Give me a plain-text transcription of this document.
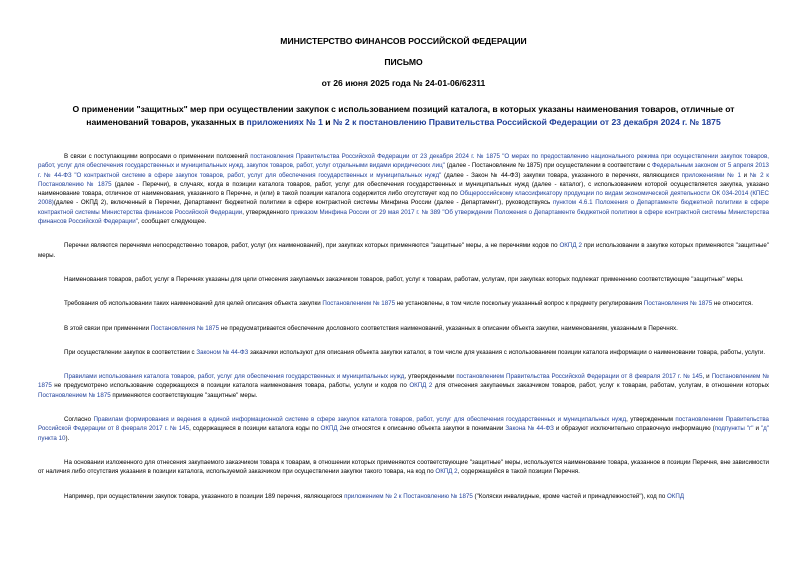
МИНИСТЕРСТВО ФИНАНСОВ РОССИЙСКОЙ ФЕДЕРАЦИИ
ПИСЬМО
от 26 июня 2025 года № 24-01-06/62311
О применении "защитных" мер при осуществлении закупок с использованием позиций каталога, в которых указаны наименования товаров, отличные от наименований товаров, указанных в приложениях № 1 и № 2 к постановлению Правительства Российской Федерации от 23 декабря 2024 г. № 1875

В связи с поступающими вопросами о применении положений постановления Правительства Российской Федерации от 23 декабря 2024 г. № 1875 "О мерах по предоставлению национального режима при осуществлении закупок товаров, работ, услуг для обеспечения государственных и муниципальных нужд, закупок товаров, работ, услуг отдельными видами юридических лиц" (далее - Постановление № 1875) при осуществлении в соответствии с Федеральным законом от 5 апреля 2013 г. № 44-ФЗ "О контрактной системе в сфере закупок товаров, работ, услуг для обеспечения государственных и муниципальных нужд" (далее - Закон № 44-ФЗ) закупки товара, указанного в перечнях, являющихся приложениями № 1 и № 2 к Постановлению № 1875 (далее - Перечни), в случаях, когда в позиции каталога товаров, работ, услуг для обеспечения государственных и муниципальных нужд (далее - каталог), с использованием которой осуществляется закупка, указано наименование товара, отличное от наименования, указанного в Перечне, и (или) в такой позиции каталога содержится либо отсутствует код по Общероссийскому классификатору продукции по видам экономической деятельности ОК 034-2014 (КПЕС 2008)(далее - ОКПД 2), включенный в Перечни, Департамент бюджетной политики в сфере контрактной системы Минфина России (далее - Департамент), руководствуясь пунктом 4.6.1 Положения о Департаменте бюджетной политики в сфере контрактной системы Министерства финансов Российской Федерации, утвержденного приказом Минфина России от 29 мая 2017 г. № 389 "Об утверждении Положения о Департаменте бюджетной политики в сфере контрактной системы Министерства финансов Российской Федерации", сообщает следующее.

Перечни являются перечнями непосредственно товаров, работ, услуг (их наименований), при закупках которых применяются "защитные" меры, а не перечнями кодов по ОКПД 2 при использовании в закупке которых применяются "защитные" меры.

Наименования товаров, работ, услуг в Перечнях указаны для цели отнесения закупаемых заказчиком товаров, работ, услуг к товарам, работам, услугам, при закупках которых подлежат применению соответствующие "защитные" меры.

Требования об использовании таких наименований для целей описания объекта закупки Постановлением № 1875 не установлены, в том числе поскольку указанный вопрос к предмету регулирования Постановления № 1875 не относится.

В этой связи при применении Постановления № 1875 не предусматривается обеспечение дословного соответствия наименований, указанных в описании объекта закупки, наименованиям, указанным в Перечнях.

При осуществлении закупок в соответствии с Законом № 44-ФЗ заказчики используют для описания объекта закупки каталог, в том числе для указания с использованием позиции каталога информации о наименовании товара, работы, услуги.

Правилами использования каталога товаров, работ, услуг для обеспечения государственных и муниципальных нужд, утвержденными постановлением Правительства Российской Федерации от 8 февраля 2017 г. № 145, и Постановлением № 1875 не предусмотрено использование содержащихся в позиции каталога наименования товара, работы, услуги и кодов по ОКПД 2 для отнесения закупаемых заказчиком товаров, работ, услуг к товарам, работам, услугам, в отношении которых Постановлением № 1875 применяются соответствующие "защитные" меры.

Согласно Правилам формирования и ведения в единой информационной системе в сфере закупок каталога товаров, работ, услуг для обеспечения государственных и муниципальных нужд, утвержденным постановлением Правительства Российской Федерации от 8 февраля 2017 г. № 145, содержащиеся в позиции каталога коды по ОКПД 2не относятся к описанию объекта закупки в понимании Закона № 44-ФЗ и образуют исключительно справочную информацию (подпункты "г" и "д" пункта 10).

На основании изложенного для отнесения закупаемого заказчиком товара к товарам, в отношении которых применяются соответствующие "защитные" меры, используется наименование товара, указанное в позиции Перечня, вне зависимости от наличия либо отсутствия указания в позиции каталога, используемой заказчиком при осуществлении закупки такого товара, на код по ОКПД 2, содержащийся в такой позиции Перечня.

Например, при осуществлении закупок товара, указанного в позиции 189 перечня, являющегося приложением № 2 к Постановлению № 1875 ("Коляски инвалидные, кроме частей и принадлежностей"), код по ОКПД
